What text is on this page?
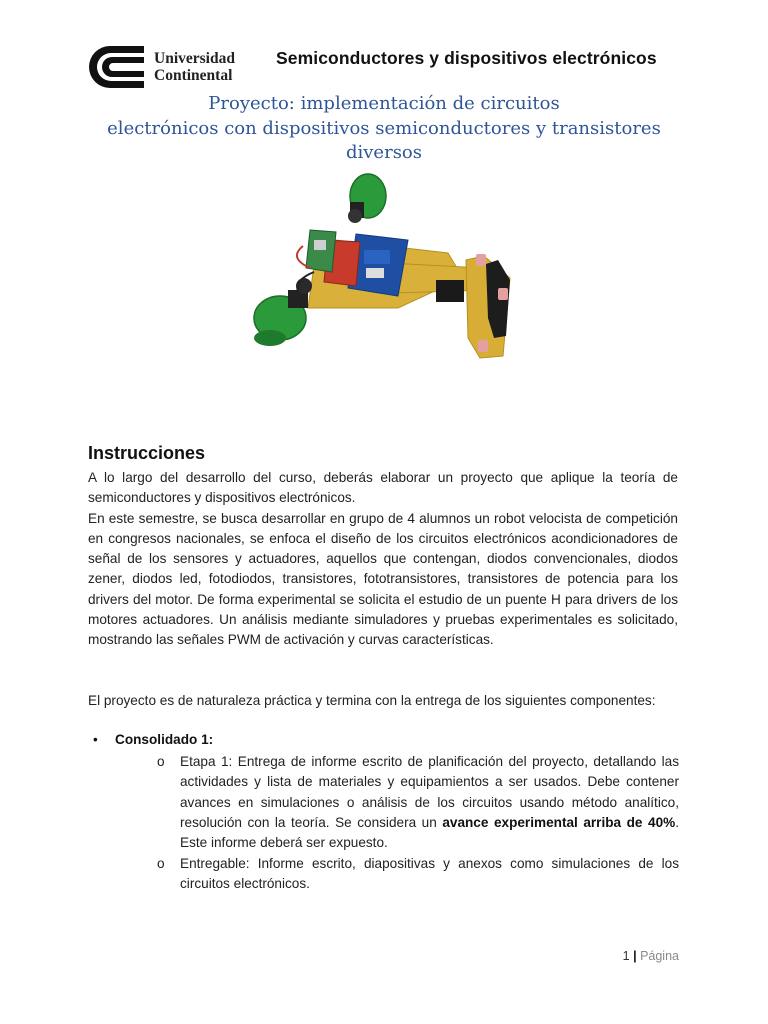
Universidad
Continental
Semiconductores y dispositivos electrónicos
Proyecto: implementación de circuitos
electrónicos con dispositivos semiconductores y transistores
diversos
Instrucciones
A lo largo del desarrollo del curso, deberás elaborar un proyecto que aplique la teoría de semiconductores y dispositivos electrónicos.
En este semestre, se busca desarrollar en grupo de 4 alumnos un robot velocista de competición en congresos nacionales, se enfoca el diseño de los circuitos electrónicos acondicionadores de señal de los sensores y actuadores, aquellos que contengan, diodos convencionales, diodos zener, diodos led, fotodiodos, transistores, fototransistores, transistores de potencia para los drivers del motor. De forma experimental se solicita el estudio de un puente H para drivers de los motores actuadores. Un análisis mediante simuladores y pruebas experimentales es solicitado, mostrando las señales PWM de activación y curvas características.
El proyecto es de naturaleza práctica y termina con la entrega de los siguientes componentes:
• Consolidado 1:
o	Etapa 1: Entrega de informe escrito de planificación del proyecto, detallando las actividades y lista de materiales y equipamientos a ser usados. Debe contener avances en simulaciones o análisis de los circuitos usando método analítico, resolución con la teoría. Se considera un avance experimental arriba de 40%. Este informe deberá ser expuesto.
o	Entregable: Informe escrito, diapositivas y anexos como simulaciones de los circuitos electrónicos.
1 | Página
